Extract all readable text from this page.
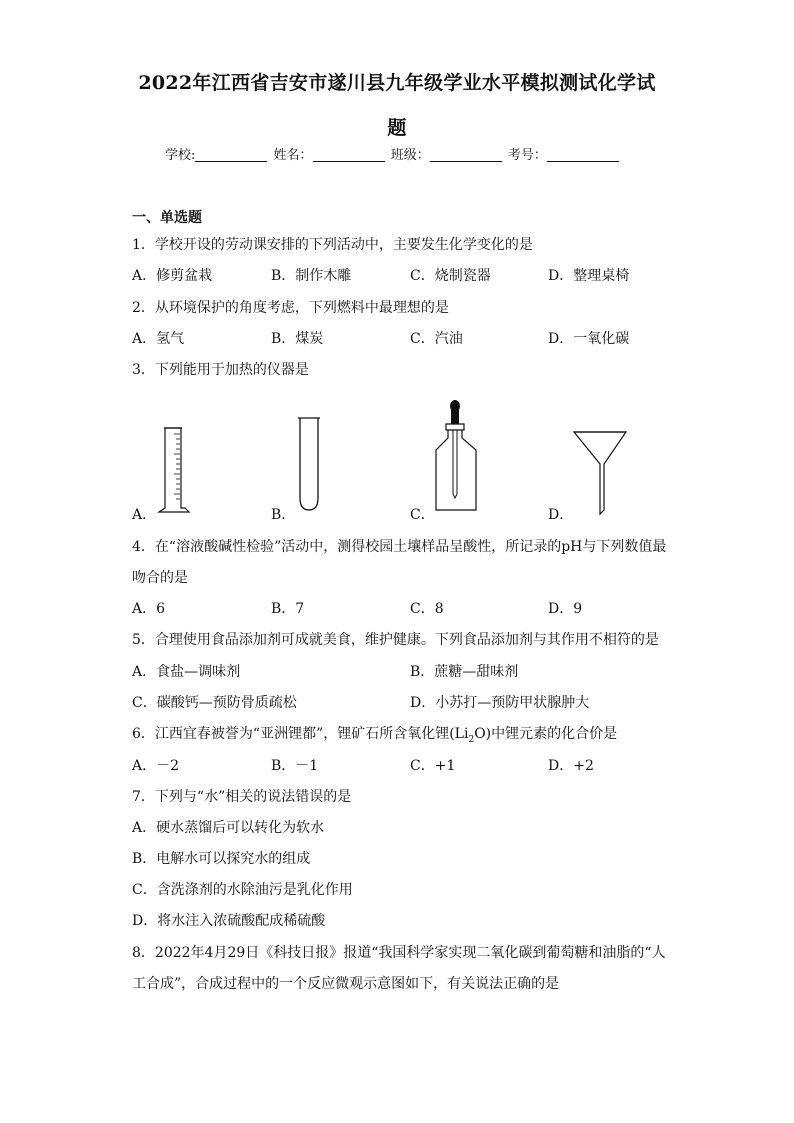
2022年江西省吉安市遂川县九年级学业水平模拟测试化学试
题
学校:	姓名：	班级：	考号：
一、单选题
1．学校开设的劳动课安排的下列活动中，主要发生化学变化的是
A．修剪盆栽	B．制作木雕	C．烧制瓷器	D．整理桌椅
2．从环境保护的角度考虑，下列燃料中最理想的是
A．氢气	B．煤炭	C．汽油	D．一氧化碳
3．下列能用于加热的仪器是
A．	B．	C．	D．
4．在“溶液酸碱性检验”活动中，测得校园土壤样品呈酸性，所记录的pH与下列数值最
吻合的是
A．6	B．7	C．8	D．9
5．合理使用食品添加剂可成就美食，维护健康。下列食品添加剂与其作用不相符的是
A．食盐—调味剂	B．蔗糖—甜味剂
C．碳酸钙—预防骨质疏松	D．小苏打—预防甲状腺肿大
6．江西宜春被誉为“亚洲锂都”，锂矿石所含氧化锂$(Li_2O)$中锂元素的化合价是
A．－2	B．－1	C．+1	D．+2
7．下列与“水”相关的说法错误的是
A．硬水蒸馏后可以转化为软水
B．电解水可以探究水的组成
C．含洗涤剂的水除油污是乳化作用
D．将水注入浓硫酸配成稀硫酸
8．2022年4月29日《科技日报》报道“我国科学家实现二氧化碳到葡萄糖和油脂的“人
工合成”，合成过程中的一个反应微观示意图如下，有关说法正确的是
